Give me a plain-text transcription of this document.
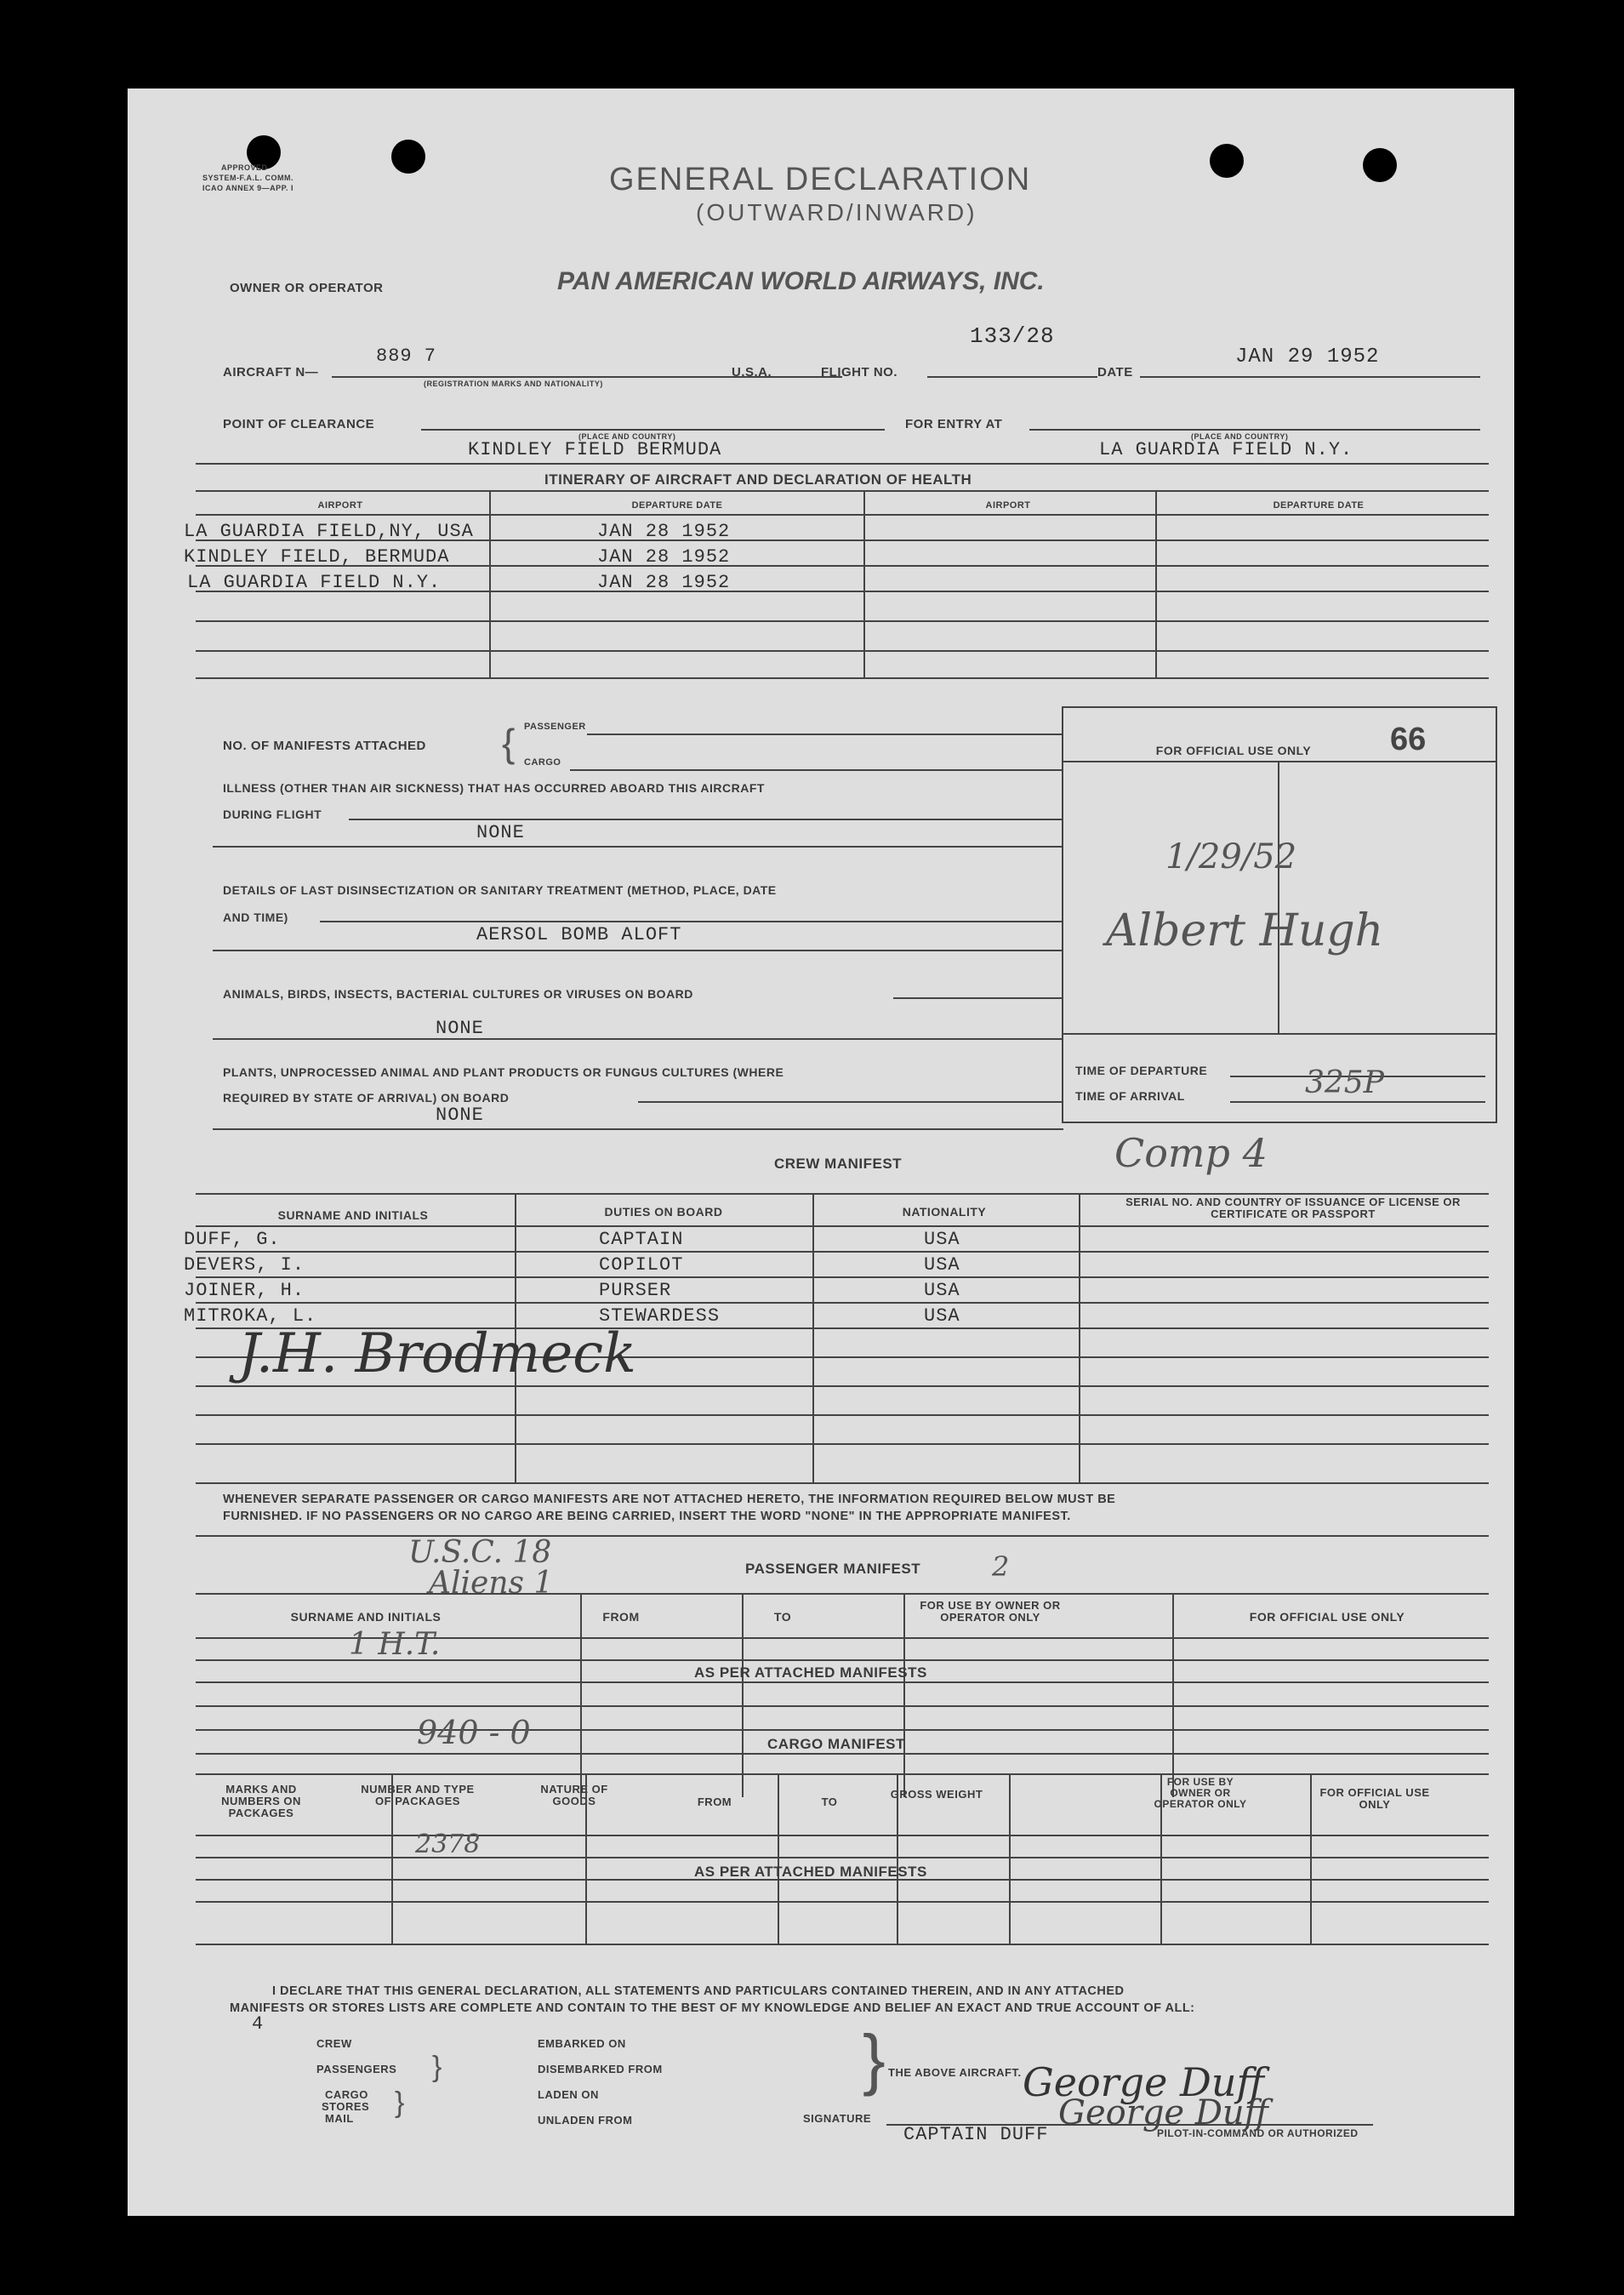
APPROVED
SYSTEM-F.A.L. COMM.
ICAO ANNEX 9—APP. I	GENERAL DECLARATION
(OUTWARD/INWARD)
OWNER OR OPERATOR	PAN AMERICAN WORLD AIRWAYS, INC.
AIRCRAFT N—
889 7
(REGISTRATION MARKS AND NATIONALITY)
U.S.A.	FLIGHT NO.
133/28
DATE
JAN 29 1952
POINT OF CLEARANCE
(PLACE AND COUNTRY)
KINDLEY FIELD BERMUDA
FOR ENTRY AT
(PLACE AND COUNTRY)
LA GUARDIA FIELD N.Y.
ITINERARY OF AIRCRAFT AND DECLARATION OF HEALTH
AIRPORT	DEPARTURE DATE	AIRPORT	DEPARTURE DATE
LA GUARDIA FIELD,NY, USA	JAN 28 1952
KINDLEY FIELD, BERMUDA	JAN 28 1952
LA GUARDIA FIELD N.Y.	JAN 28 1952
NO. OF MANIFESTS ATTACHED { PASSENGER
CARGO
ILLNESS (OTHER THAN AIR SICKNESS) THAT HAS OCCURRED ABOARD THIS AIRCRAFT
DURING FLIGHT
NONE
DETAILS OF LAST DISINSECTIZATION OR SANITARY TREATMENT (METHOD, PLACE, DATE
AND TIME)
AERSOL BOMB ALOFT
ANIMALS, BIRDS, INSECTS, BACTERIAL CULTURES OR VIRUSES ON BOARD
NONE
PLANTS, UNPROCESSED ANIMAL AND PLANT PRODUCTS OR FUNGUS CULTURES (WHERE
REQUIRED BY STATE OF ARRIVAL) ON BOARD
NONE
FOR OFFICIAL USE ONLY	66
1/29/52
Albert Hugh
TIME OF DEPARTURE
TIME OF ARRIVAL	325P
Comp 4
CREW MANIFEST
SURNAME AND INITIALS	DUTIES ON BOARD	NATIONALITY
SERIAL NO. AND COUNTRY OF ISSUANCE OF LICENSE OR CERTIFICATE OR PASSPORT
DUFF, G.	CAPTAIN	USA
DEVERS, I.	COPILOT	USA
JOINER, H.	PURSER	USA
MITROKA, L.	STEWARDESS	USA
J.H. Brodmeck
WHENEVER SEPARATE PASSENGER OR CARGO MANIFESTS ARE NOT ATTACHED HERETO, THE INFORMATION REQUIRED BELOW MUST BE
FURNISHED. IF NO PASSENGERS OR NO CARGO ARE BEING CARRIED, INSERT THE WORD "NONE" IN THE APPROPRIATE MANIFEST.
U.S.C. 18
Aliens 1	PASSENGER MANIFEST	2
SURNAME AND INITIALS	FROM	TO
FOR USE BY OWNER OR OPERATOR ONLY	FOR OFFICIAL USE ONLY
1 H.T.
AS PER ATTACHED MANIFESTS
940 - 0	CARGO MANIFEST
MARKS AND NUMBERS ON PACKAGES
NUMBER AND TYPE OF PACKAGES
NATURE OF GOODS	FROM	TO
GROSS WEIGHT
FOR USE BY OWNER OR OPERATOR ONLY
FOR OFFICIAL USE ONLY
2378
AS PER ATTACHED MANIFESTS
I DECLARE THAT THIS GENERAL DECLARATION, ALL STATEMENTS AND PARTICULARS CONTAINED THEREIN, AND IN ANY ATTACHED
MANIFESTS OR STORES LISTS ARE COMPLETE AND CONTAIN TO THE BEST OF MY KNOWLEDGE AND BELIEF AN EXACT AND TRUE ACCOUNT OF ALL:
4
CREW
PASSENGERS
CARGO
STORES
MAIL
}
}
EMBARKED ON
DISEMBARKED FROM
LADEN ON
UNLADEN FROM
} THE ABOVE AIRCRAFT. George Duff
George Duff
SIGNATURE
CAPTAIN DUFF	PILOT-IN-COMMAND OR AUTHORIZED
